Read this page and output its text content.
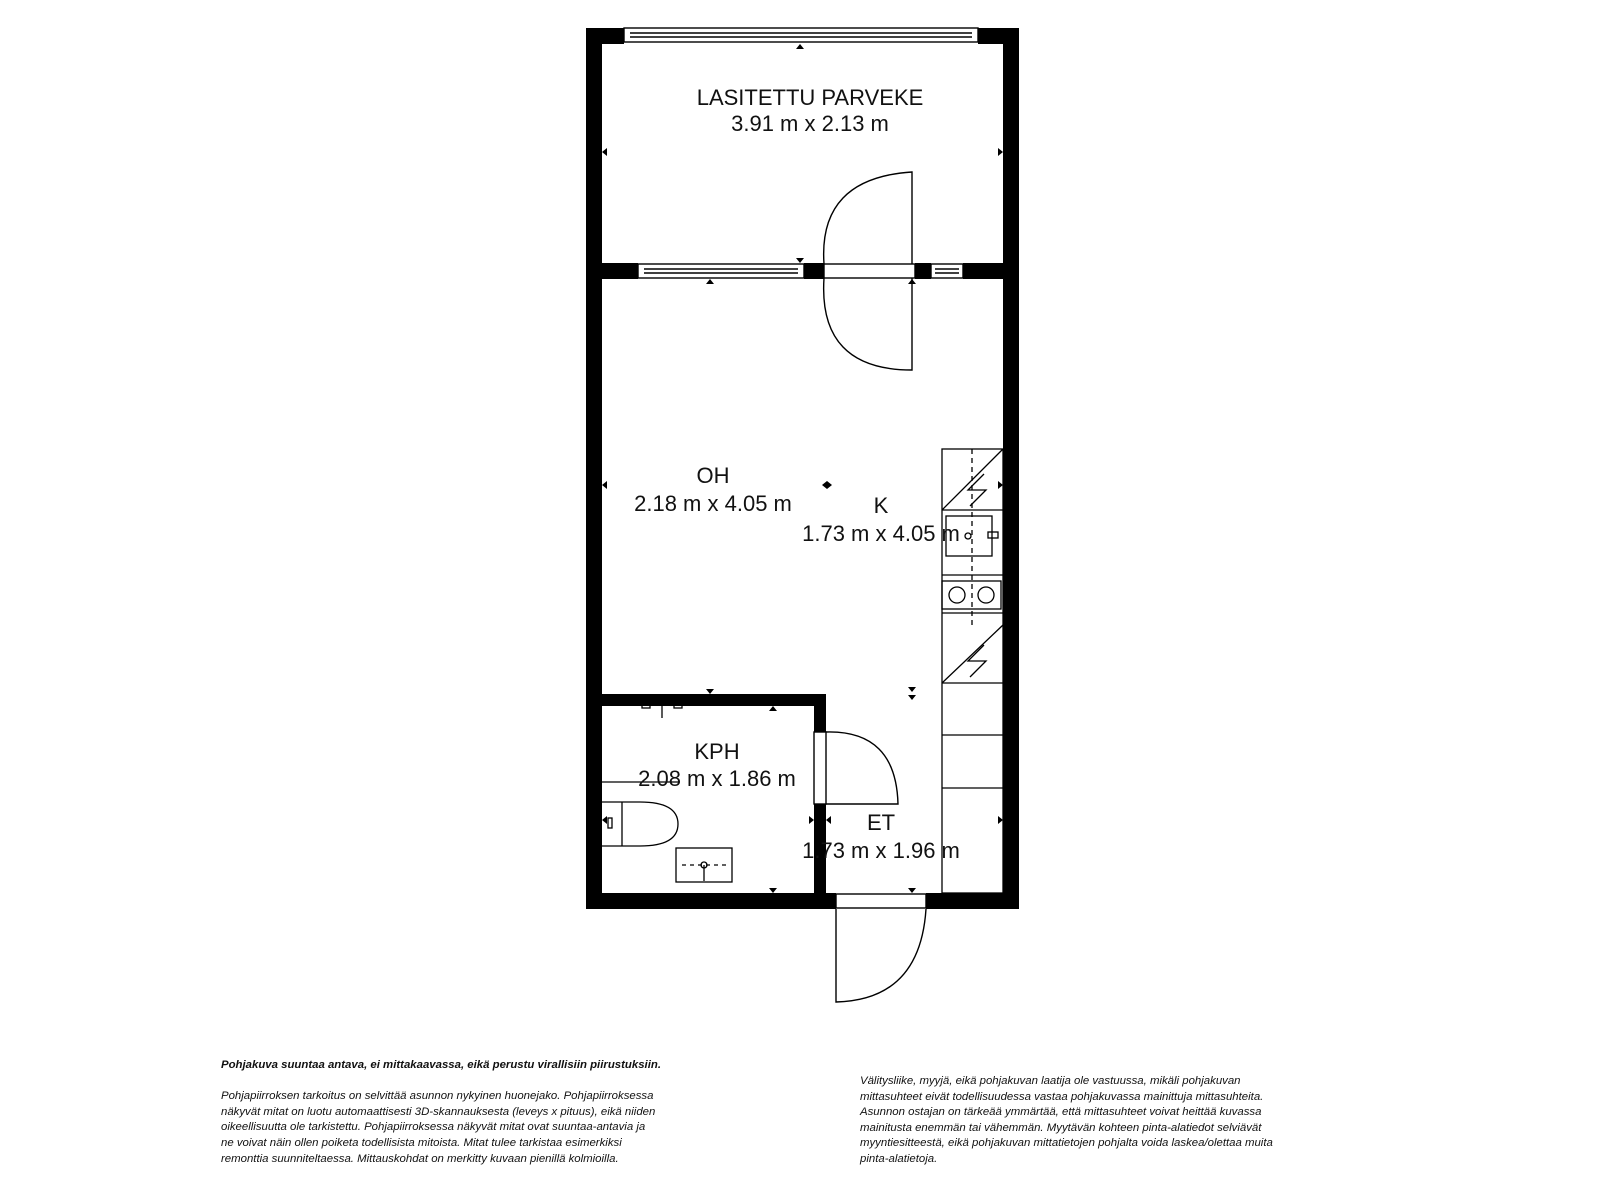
LASITETTU PARVEKE
3.91 m x 2.13 m
OH
2.18 m x 4.05 m	K
1.73 m x 4.05 m
KPH
2.08 m x 1.86 m
ET
1.73 m x 1.96 m

Pohjakuva suuntaa antava, ei mittakaavassa, eikä perustu virallisiin piirustuksiin.

Pohjapiirroksen tarkoitus on selvittää asunnon nykyinen huonejako. Pohjapiirroksessa

näkyvät mitat on luotu automaattisesti 3D-skannauksesta (leveys x pituus), eikä niiden

oikeellisuutta ole tarkistettu. Pohjapiirroksessa näkyvät mitat ovat suuntaa-antavia ja

ne voivat näin ollen poiketa todellisista mitoista. Mitat tulee tarkistaa esimerkiksi

remonttia suunniteltaessa. Mittauskohdat on merkitty kuvaan pienillä kolmioilla.

Välitysliike, myyjä, eikä pohjakuvan laatija ole vastuussa, mikäli pohjakuvan

mittasuhteet eivät todellisuudessa vastaa pohjakuvassa mainittuja mittasuhteita.

Asunnon ostajan on tärkeää ymmärtää, että mittasuhteet voivat heittää kuvassa

mainitusta enemmän tai vähemmän. Myytävän kohteen pinta-alatiedot selviävät

myyntiesitteestä, eikä pohjakuvan mittatietojen pohjalta voida laskea/olettaa muita

pinta-alatietoja.
